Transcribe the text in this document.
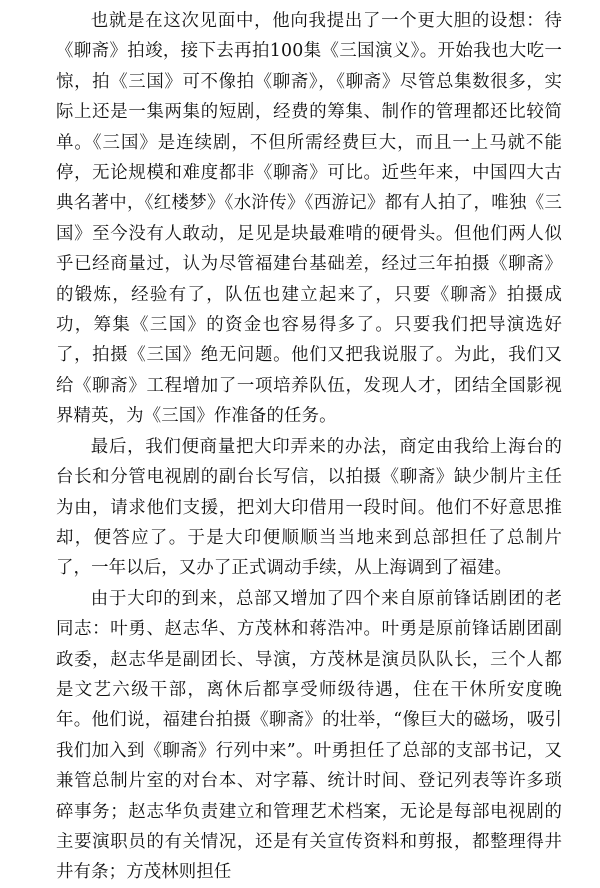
也就是在这次见面中，他向我提出了一个更大胆的设想：待《聊斋》拍竣，接下去再拍100集《三国演义》。开始我也大吃一惊，拍《三国》可不像拍《聊斋》，《聊斋》尽管总集数很多，实际上还是一集两集的短剧，经费的筹集、制作的管理都还比较简单。《三国》是连续剧，不但所需经费巨大，而且一上马就不能停，无论规模和难度都非《聊斋》可比。近些年来，中国四大古典名著中，《红楼梦》《水浒传》《西游记》都有人拍了，唯独《三国》至今没有人敢动，足见是块最难啃的硬骨头。但他们两人似乎已经商量过，认为尽管福建台基础差，经过三年拍摄《聊斋》的锻炼，经验有了，队伍也建立起来了，只要《聊斋》拍摄成功，筹集《三国》的资金也容易得多了。只要我们把导演选好了，拍摄《三国》绝无问题。他们又把我说服了。为此，我们又给《聊斋》工程增加了一项培养队伍，发现人才，团结全国影视界精英，为《三国》作准备的任务。

最后，我们便商量把大印弄来的办法，商定由我给上海台的台长和分管电视剧的副台长写信，以拍摄《聊斋》缺少制片主任为由，请求他们支援，把刘大印借用一段时间。他们不好意思推却，便答应了。于是大印便顺顺当当地来到总部担任了总制片了，一年以后，又办了正式调动手续，从上海调到了福建。

由于大印的到来，总部又增加了四个来自原前锋话剧团的老同志：叶勇、赵志华、方茂林和蒋浩冲。叶勇是原前锋话剧团副政委，赵志华是副团长、导演，方茂林是演员队队长，三个人都是文艺六级干部，离休后都享受师级待遇，住在干休所安度晚年。他们说，福建台拍摄《聊斋》的壮举，“像巨大的磁场，吸引我们加入到《聊斋》行列中来”。叶勇担任了总部的支部书记，又兼管总制片室的对台本、对字幕、统计时间、登记列表等许多琐碎事务；赵志华负责建立和管理艺术档案，无论是每部电视剧的主要演职员的有关情况，还是有关宣传资料和剪报，都整理得井井有条；方茂林则担任
